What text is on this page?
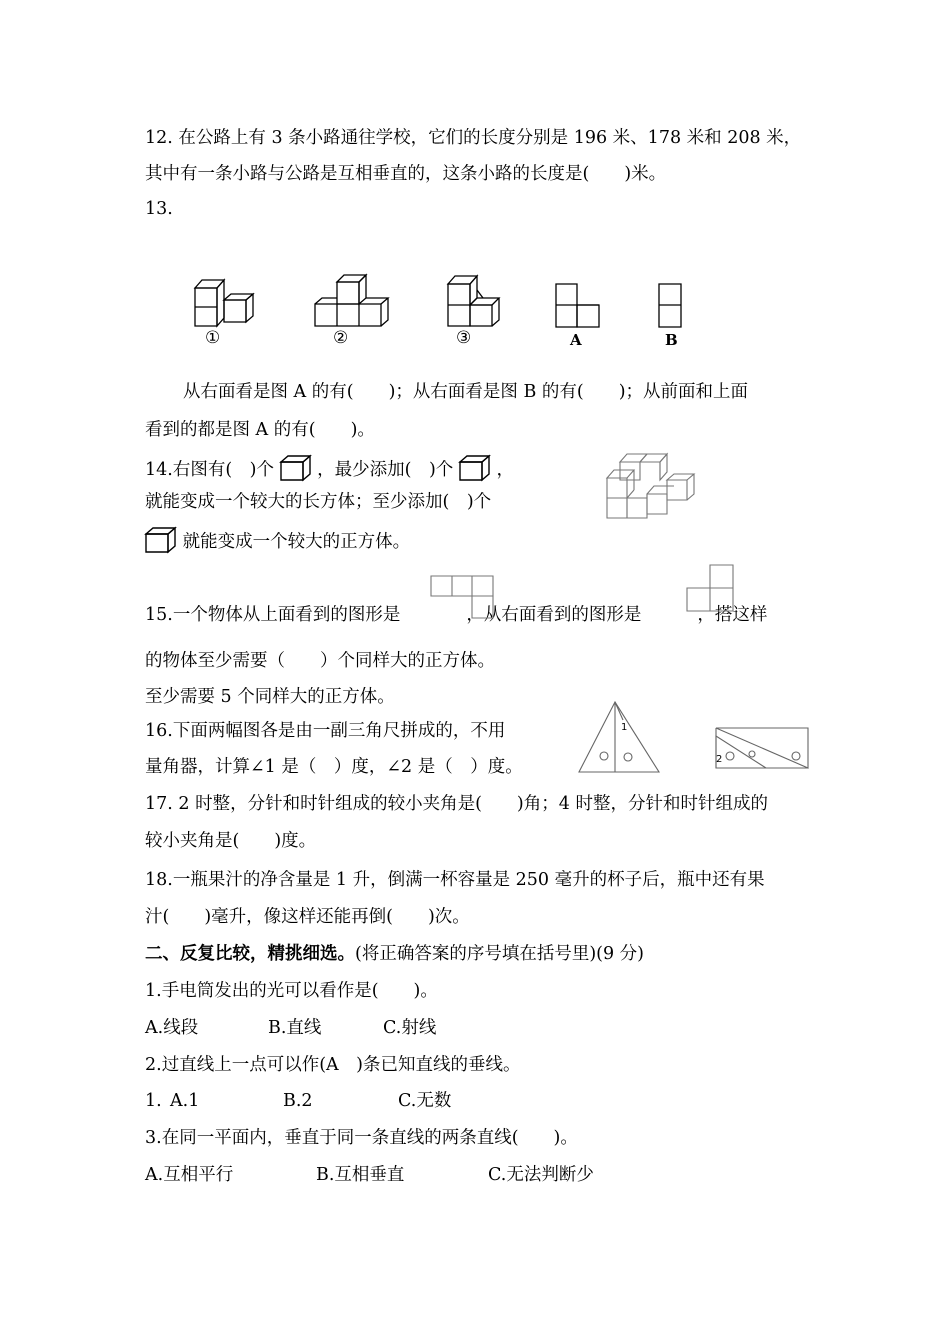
12. 在公路上有 3 条小路通往学校，它们的长度分别是 196 米、178 米和 208 米，
其中有一条小路与公路是互相垂直的，这条小路的长度是(　　)米。
13.
①	②	③	A	B
从右面看是图 A 的有(　　)；从右面看是图 B 的有(　　)；从前面和上面
看到的都是图 A 的有(　　)。
14.右图有(　)个 ，最少添加(　)个 ，
就能变成一个较大的长方体；至少添加(　)个
就能变成一个较大的正方体。
15.一个物体从上面看到的图形是	，从右面看到的图形是	，搭这样
的物体至少需要（　　）个同样大的正方体。
至少需要 5 个同样大的正方体。
16.下面两幅图各是由一副三角尺拼成的，不用
量角器，计算∠1 是（　）度，∠2 是（　）度。
1
2
17. 2 时整，分针和时针组成的较小夹角是(　　)角；4 时整，分针和时针组成的
较小夹角是(　　)度。
18.一瓶果汁的净含量是 1 升，倒满一杯容量是 250 毫升的杯子后，瓶中还有果
汁(　　)毫升，像这样还能再倒(　　)次。
二、反复比较，精挑细选。(将正确答案的序号填在括号里)(9 分)
1.手电筒发出的光可以看作是(　　)。
A.线段	B.直线	C.射线
2.过直线上一点可以作(A　)条已知直线的垂线。
1. A.1	B.2	C.无数
3.在同一平面内，垂直于同一条直线的两条直线(　　)。
A.互相平行	B.互相垂直	C.无法判断少
